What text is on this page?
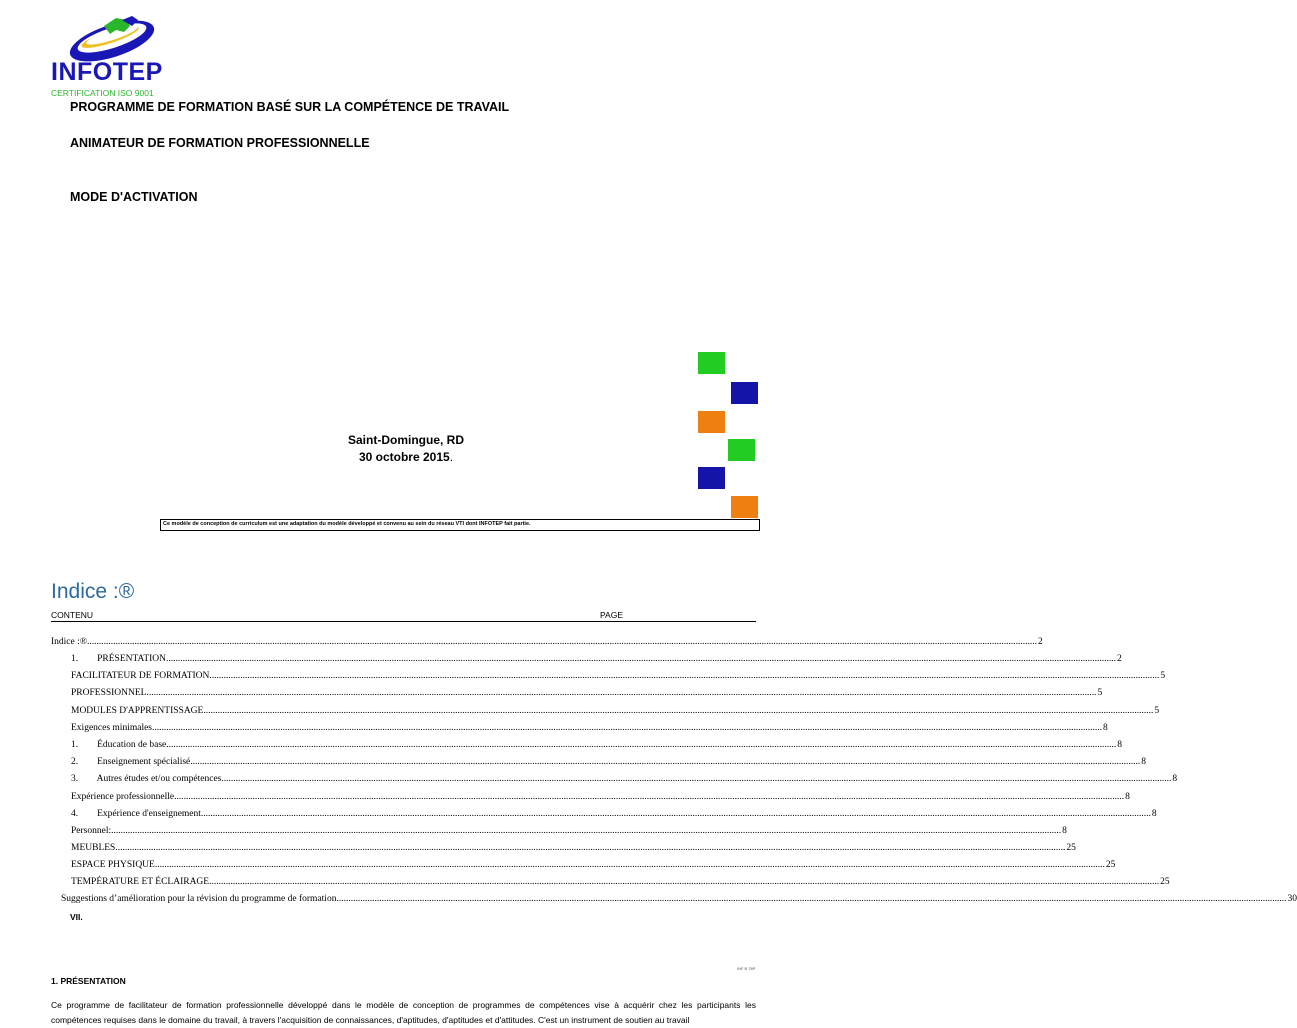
INFOTEP
CERTIFICATION ISO 9001
PROGRAMME DE FORMATION BASÉ SUR LA COMPÉTENCE DE TRAVAIL
ANIMATEUR DE FORMATION PROFESSIONNELLE
MODE D'ACTIVATION
Saint-Domingue, RD
30 octobre 2015.
Ce modèle de conception de curriculum est une adaptation du modèle développé et convenu au sein du réseau VTI dont INFOTEP fait partie.
Indice :®
CONTENU	PAGE
Indice :® ................................................................................................................................................................................................................................................................................................................................................................................................................ 2
1.        PRÉSENTATION ................................................................................................................................................................................................................................................................................................................................................................................................................ 2
FACILITATEUR DE FORMATION ................................................................................................................................................................................................................................................................................................................................................................................................................ 5
PROFESSIONNEL ................................................................................................................................................................................................................................................................................................................................................................................................................ 5
MODULES D'APPRENTISSAGE ................................................................................................................................................................................................................................................................................................................................................................................................................ 5
Exigences minimales ................................................................................................................................................................................................................................................................................................................................................................................................................ 8
1.        Éducation de base ................................................................................................................................................................................................................................................................................................................................................................................................................ 8
2.        Enseignement spécialisé ................................................................................................................................................................................................................................................................................................................................................................................................................ 8
3.        Autres études et/ou compétences ................................................................................................................................................................................................................................................................................................................................................................................................................ 8
Expérience professionnelle ................................................................................................................................................................................................................................................................................................................................................................................................................ 8
4.        Expérience d'enseignement ................................................................................................................................................................................................................................................................................................................................................................................................................ 8
Personnel: ................................................................................................................................................................................................................................................................................................................................................................................................................ 8
MEUBLES ................................................................................................................................................................................................................................................................................................................................................................................................................ 25
ESPACE PHYSIQUE ................................................................................................................................................................................................................................................................................................................................................................................................................ 25
TEMPÉRATURE ET ÉCLAIRAGE ................................................................................................................................................................................................................................................................................................................................................................................................................ 25
Suggestions d’amélioration pour la révision du programme de formation ................................................................................................................................................................................................................................................................................................................................................................................................................ 30
VII.
INF B 78P
1. PRÉSENTATION
Ce programme de facilitateur de formation professionnelle développé dans le modèle de conception de programmes de compétences vise à acquérir chez les participants les compétences requises dans le domaine du travail, à travers l'acquisition de connaissances, d'aptitudes, d'aptitudes et d'attitudes. C'est un instrument de soutien au travail
